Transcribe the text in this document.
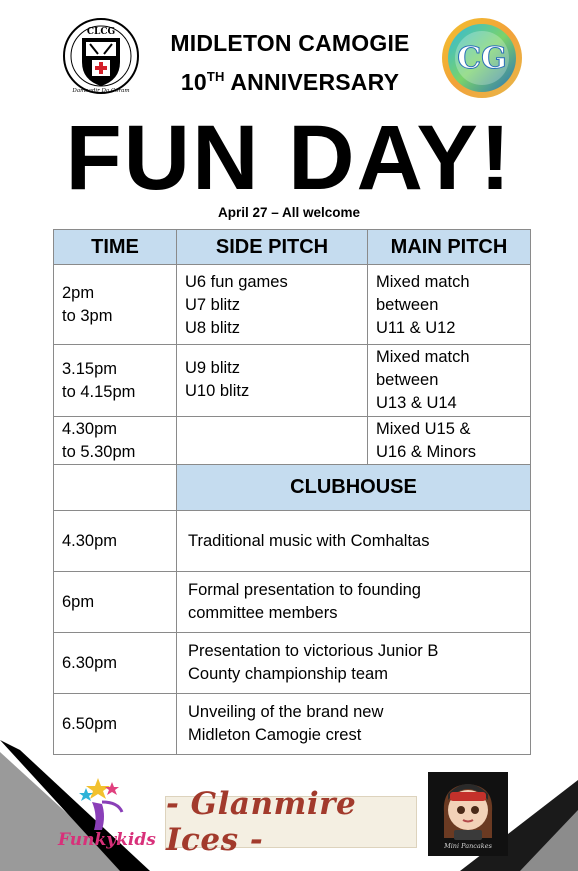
CLCG
Dameadir Da Coram
MIDLETON CAMOGIE
10TH ANNIVERSARY
CG
FUN DAY!
April 27 – All welcome
TIME	SIDE PITCH	MAIN PITCH

2pm
to 3pm	U6 fun games
U7 blitz
U8 blitz	Mixed match
between
U11 & U12

3.15pm
to 4.15pm	U9 blitz
U10 blitz	Mixed match
between
U13 & U14

4.30pm
to 5.30pm		Mixed U15 &
U16 & Minors

	CLUBHOUSE	
4.30pm	Traditional music with Comhaltas	

6pm	Formal presentation to founding
committee members	

6.30pm	Presentation to victorious Junior B
County championship team	

6.50pm	Unveiling of the brand new
Midleton Camogie crest	
Funkykids
- Glanmire Ices -	Mini Pancakes
